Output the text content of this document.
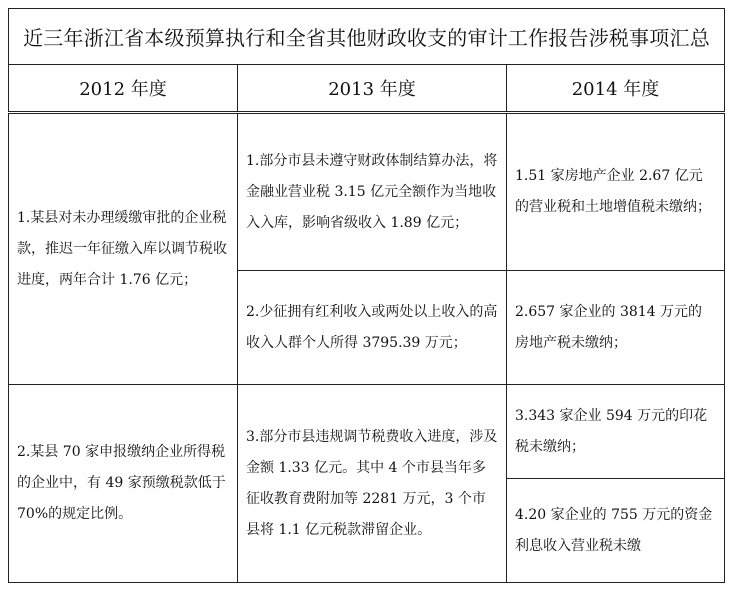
近三年浙江省本级预算执行和全省其他财政收支的审计工作报告涉税事项汇总		
2012 年度	2013 年度	2014 年度
1.某县对未办理缓缴审批的企业税款，推迟一年征缴入库以调节税收进度，两年合计 1.76 亿元；	1.部分市县未遵守财政体制结算办法，将金融业营业税 3.15 亿元全额作为当地收入入库，影响省级收入 1.89 亿元；	1.51 家房地产企业 2.67 亿元的营业税和土地增值税未缴纳；
	2.少征拥有红利收入或两处以上收入的高收入人群个人所得 3795.39 万元；	2.657 家企业的 3814 万元的房地产税未缴纳；
2.某县 70 家申报缴纳企业所得税的企业中，有 49 家预缴税款低于 70%的规定比例。	3.部分市县违规调节税费收入进度，涉及金额 1.33 亿元。其中 4 个市县当年多征收教育费附加等 2281 万元，3 个市县将 1.1 亿元税款滞留企业。	3.343 家企业 594 万元的印花税未缴纳；
		4.20 家企业的 755 万元的资金利息收入营业税未缴
